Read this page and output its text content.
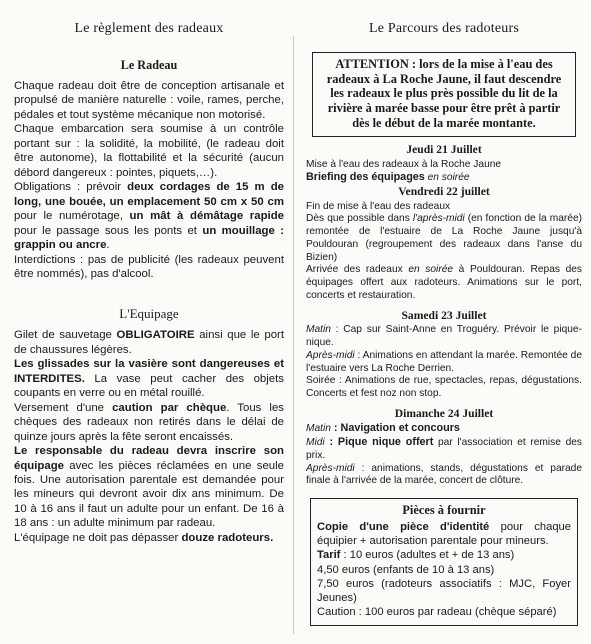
Le règlement des radeaux
Le Radeau

Chaque radeau doit être de conception artisanale et propulsé de manière naturelle : voile, rames, perche, pédales et tout système mécanique non motorisé.

Chaque embarcation sera soumise à un contrôle portant sur : la solidité, la mobilité, (le radeau doit être autonome), la flottabilité et la sécurité (aucun débord dangereux : pointes, piquets,…).

Obligations : prévoir deux cordages de 15 m de long, une bouée, un emplacement 50 cm x 50 cm pour le numérotage, un mât à démâtage rapide pour le passage sous les ponts et un mouillage : grappin ou ancre.

Interdictions : pas de publicité (les radeaux peuvent être nommés), pas d'alcool.

L'Equipage

Gilet de sauvetage OBLIGATOIRE ainsi que le port de chaussures légères.

Les glissades sur la vasière sont dangereuses et INTERDITES. La vase peut cacher des objets coupants en verre ou en métal rouillé.

Versement d'une caution par chèque. Tous les chèques des radeaux non retirés dans le délai de quinze jours après la fête seront encaissés.

Le responsable du radeau devra inscrire son équipage avec les pièces réclamées en une seule fois. Une autorisation parentale est demandée pour les mineurs qui devront avoir dix ans minimum. De 10 à 16 ans il faut un adulte pour un enfant. De 16 à 18 ans : un adulte minimum par radeau.

L'équipage ne doit pas dépasser douze radoteurs.

Le Parcours des radoteurs
ATTENTION : lors de la mise à l'eau des radeaux à La Roche Jaune, il faut descendre les radeaux le plus près possible du lit de la rivière à marée basse pour être prêt à partir dès le début de la marée montante.
Jeudi 21 Juillet

Mise à l'eau des radeaux à la Roche Jaune

Briefing des équipages en soirée

Vendredi 22 juillet

Fin de mise à l'eau des radeaux

Dès que possible dans l'après-midi (en fonction de la marée) remontée de l'estuaire de La Roche Jaune jusqu'à Pouldouran (regroupement des radeaux dans l'anse du Bizien)

Arrivée des radeaux en soirée à Pouldouran. Repas des équipages offert aux radoteurs. Animations sur le port, concerts et restauration.

Samedi 23 Juillet

Matin : Cap sur Saint-Anne en Troguéry. Prévoir le pique-nique.

Après-midi : Animations en attendant la marée. Remontée de l'estuaire vers La Roche Derrien.

Soirée : Animations de rue, spectacles, repas, dégustations. Concerts et fest noz non stop.

Dimanche 24 Juillet

Matin : Navigation et concours

Midi : Pique nique offert par l'association et remise des prix.

Après-midi : animations, stands, dégustations et parade finale à l'arrivée de la marée, concert de clôture.

Pièces à fournir

Copie d'une pièce d'identité pour chaque équipier + autorisation parentale pour mineurs.

Tarif : 10 euros (adultes et + de 13 ans)

4,50 euros (enfants de 10 à 13 ans)

7,50 euros (radoteurs associatifs : MJC, Foyer Jeunes)

Caution : 100 euros par radeau (chèque séparé)
